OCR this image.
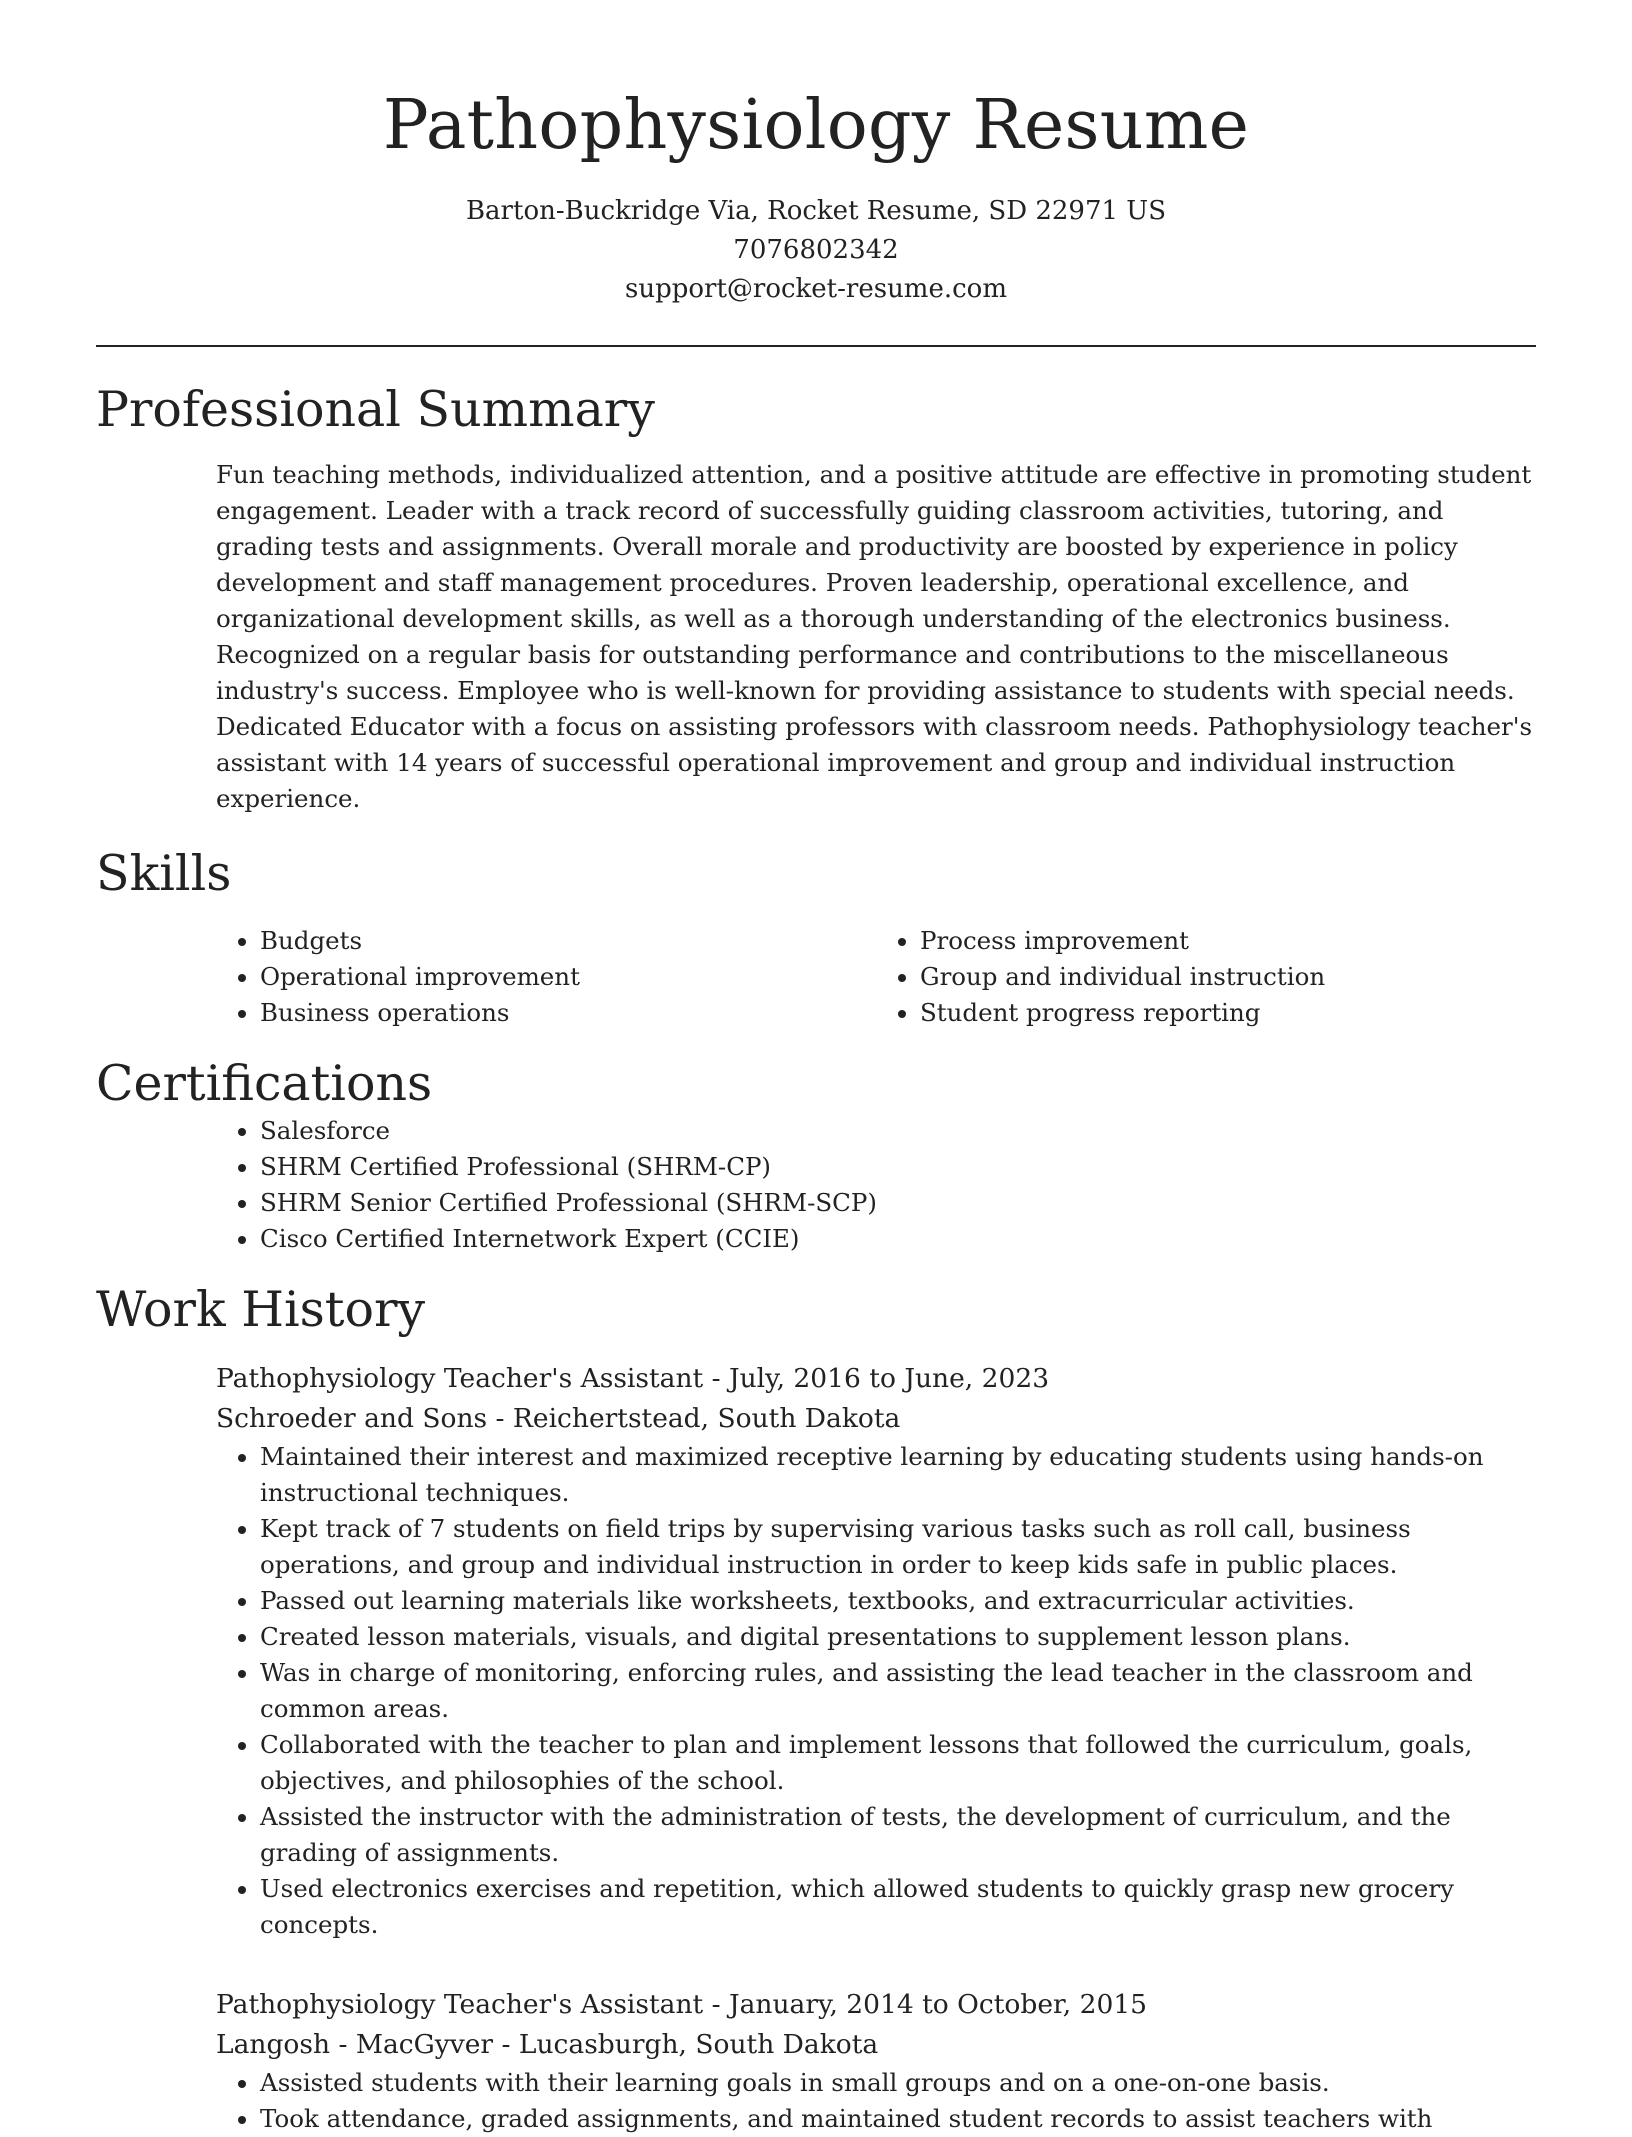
Pathophysiology Resume
Barton-Buckridge Via, Rocket Resume, SD 22971 US
7076802342
support@rocket-resume.com
Professional Summary

Fun teaching methods, individualized attention, and a positive attitude are effective in promoting student engagement. Leader with a track record of successfully guiding classroom activities, tutoring, and grading tests and assignments. Overall morale and productivity are boosted by experience in policy development and staff management procedures. Proven leadership, operational excellence, and organizational development skills, as well as a thorough understanding of the electronics business. Recognized on a regular basis for outstanding performance and contributions to the miscellaneous industry's success. Employee who is well-known for providing assistance to students with special needs. Dedicated Educator with a focus on assisting professors with classroom needs. Pathophysiology teacher's assistant with 14 years of successful operational improvement and group and individual instruction experience.

Skills
• Budgets
• Operational improvement
• Business operations
• Process improvement
• Group and individual instruction
• Student progress reporting
Certifications
• Salesforce
• SHRM Certified Professional (SHRM-CP)
• SHRM Senior Certified Professional (SHRM-SCP)
• Cisco Certified Internetwork Expert (CCIE)
Work History
Pathophysiology Teacher's Assistant - July, 2016 to June, 2023
Schroeder and Sons - Reichertstead, South Dakota
• Maintained their interest and maximized receptive learning by educating students using hands-on instructional techniques.
• Kept track of 7 students on field trips by supervising various tasks such as roll call, business operations, and group and individual instruction in order to keep kids safe in public places.
• Passed out learning materials like worksheets, textbooks, and extracurricular activities.
• Created lesson materials, visuals, and digital presentations to supplement lesson plans.
• Was in charge of monitoring, enforcing rules, and assisting the lead teacher in the classroom and common areas.
• Collaborated with the teacher to plan and implement lessons that followed the curriculum, goals, objectives, and philosophies of the school.
• Assisted the instructor with the administration of tests, the development of curriculum, and the grading of assignments.
• Used electronics exercises and repetition, which allowed students to quickly grasp new grocery concepts.
Pathophysiology Teacher's Assistant - January, 2014 to October, 2015
Langosh - MacGyver - Lucasburgh, South Dakota
• Assisted students with their learning goals in small groups and on a one-on-one basis.
• Took attendance, graded assignments, and maintained student records to assist teachers with
